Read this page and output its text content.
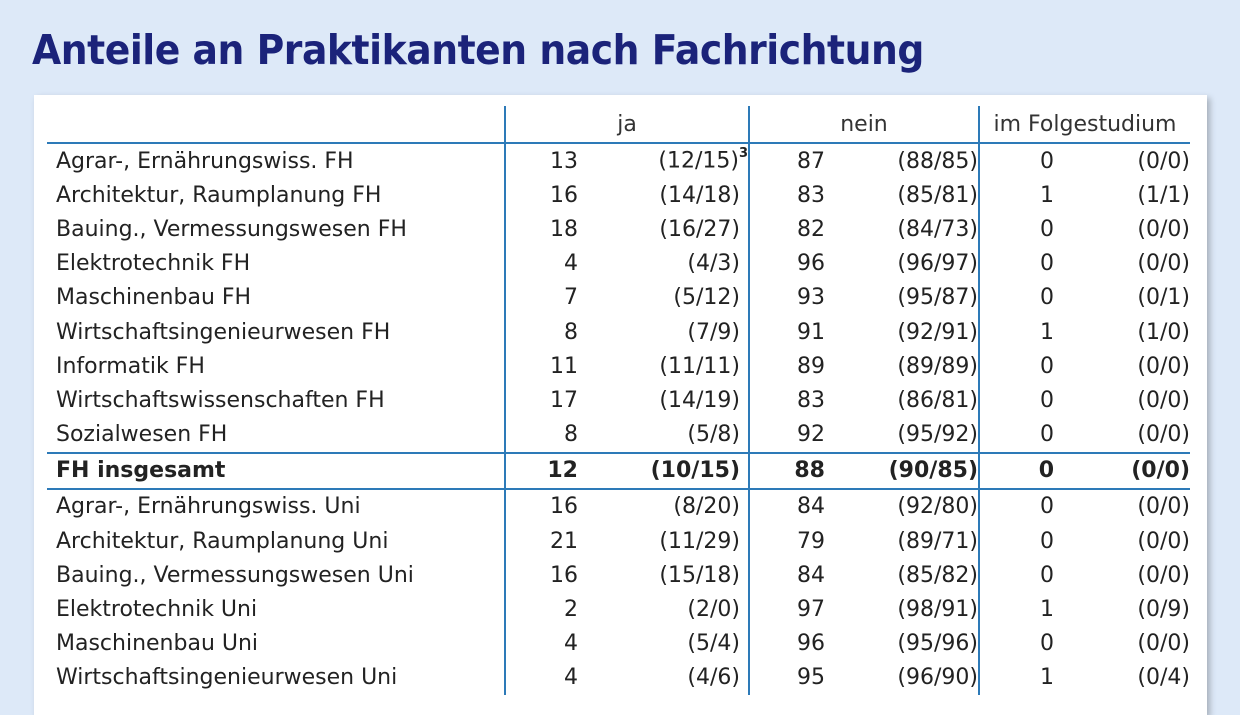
Anteile an Praktikanten nach Fachrichtung
	ja		nein		im Folgestudium	
Agrar-, Ernährungswiss. FH	13	$(12/15)^3$	87	(88/85)	0	(0/0)
Architektur, Raumplanung FH	16	(14/18)	83	(85/81)	1	(1/1)
Bauing., Vermessungswesen FH	18	(16/27)	82	(84/73)	0	(0/0)
Elektrotechnik FH	4	(4/3)	96	(96/97)	0	(0/0)
Maschinenbau FH	7	(5/12)	93	(95/87)	0	(0/1)
Wirtschaftsingenieurwesen FH	8	(7/9)	91	(92/91)	1	(1/0)
Informatik FH	11	(11/11)	89	(89/89)	0	(0/0)
Wirtschaftswissenschaften FH	17	(14/19)	83	(86/81)	0	(0/0)
Sozialwesen FH	8	(5/8)	92	(95/92)	0	(0/0)
FH insgesamt	12	(10/15)	88	(90/85)	0	(0/0)
Agrar-, Ernährungswiss. Uni	16	(8/20)	84	(92/80)	0	(0/0)
Architektur, Raumplanung Uni	21	(11/29)	79	(89/71)	0	(0/0)
Bauing., Vermessungswesen Uni	16	(15/18)	84	(85/82)	0	(0/0)
Elektrotechnik Uni	2	(2/0)	97	(98/91)	1	(0/9)
Maschinenbau Uni	4	(5/4)	96	(95/96)	0	(0/0)
Wirtschaftsingenieurwesen Uni	4	(4/6)	95	(96/90)	1	(0/4)
